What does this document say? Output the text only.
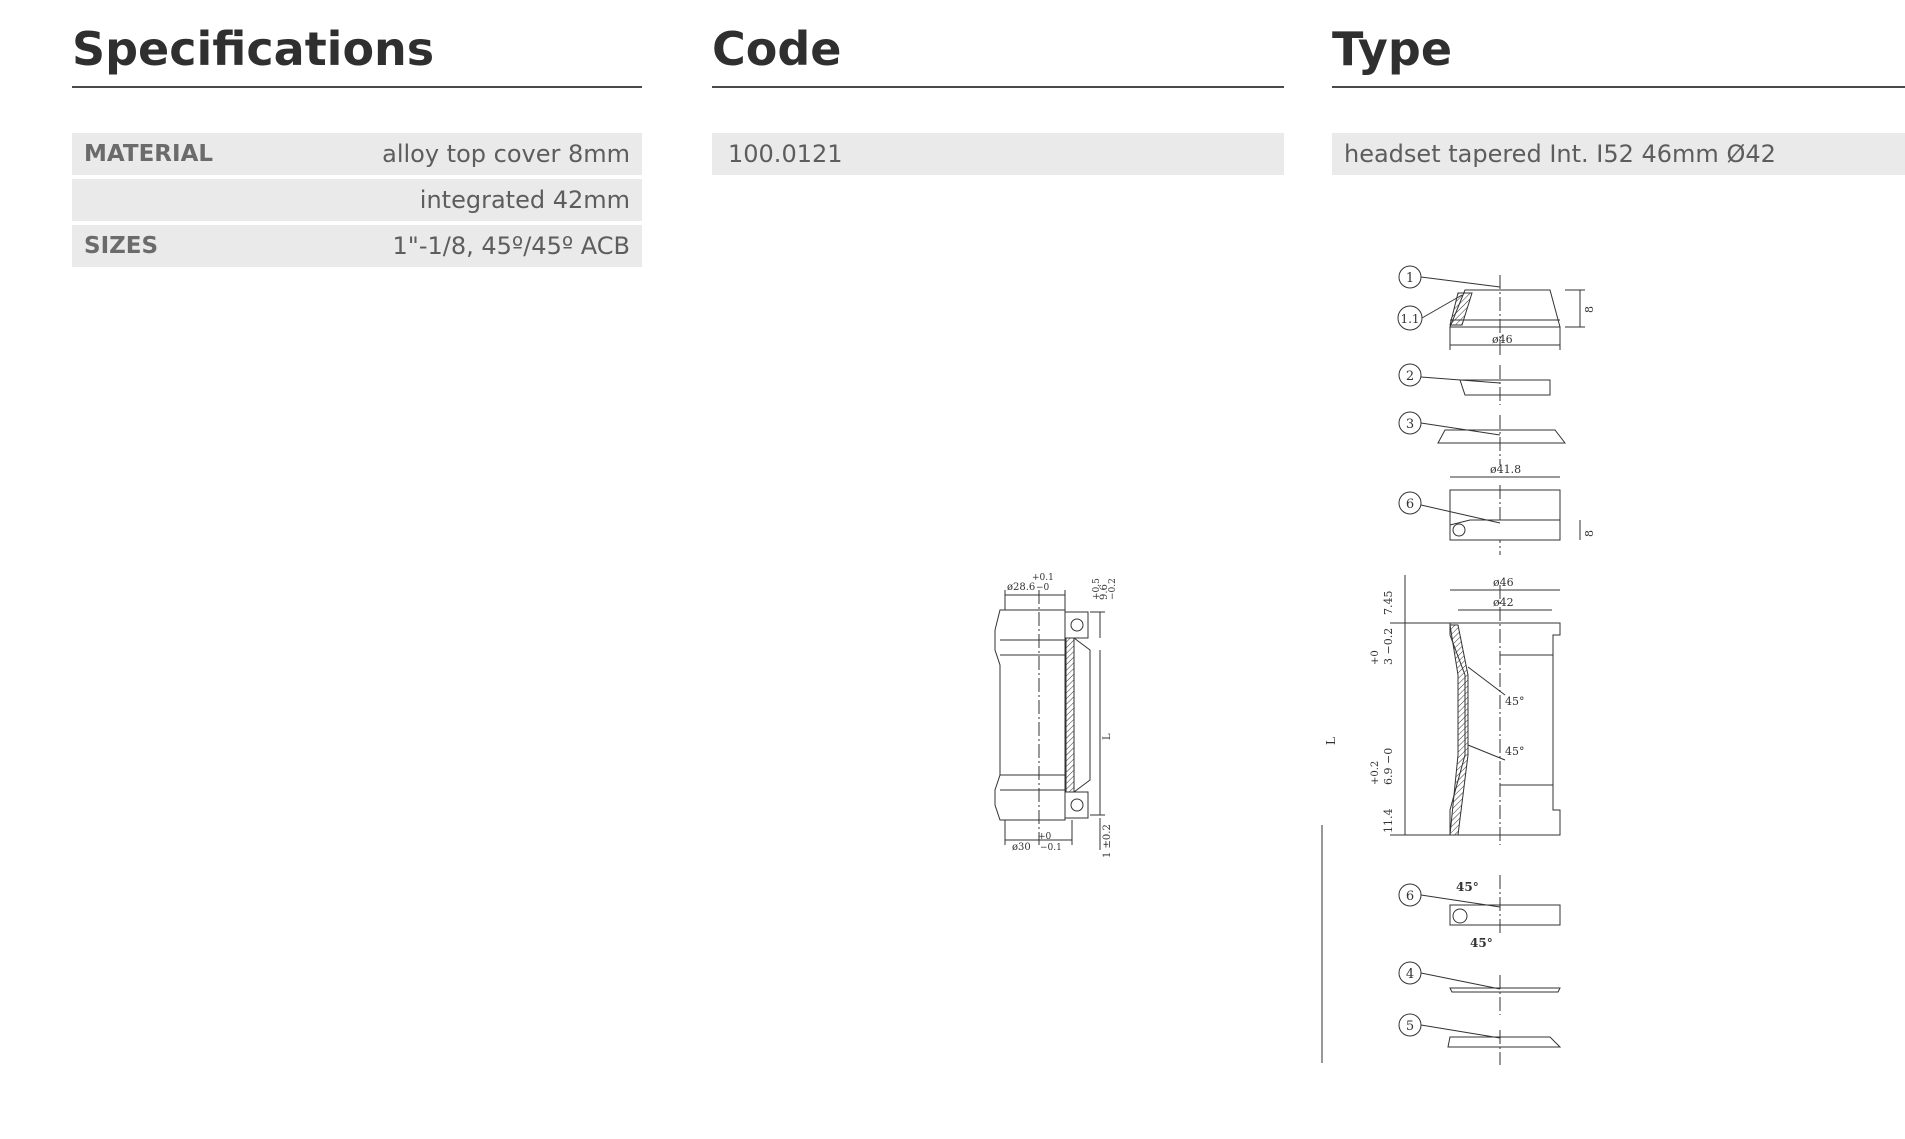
Specifications
MATERIAL	alloy top cover 8mm
integrated 42mm
SIZES	1"-1/8, 45º/45º ACB
Code
100.0121
Type
headset tapered Int. I52 46mm Ø42
ø28.6
+0.1
−0	9.6
+0.5 −0.2
L
ø30
+0
−0.1	1 ±0.2
8
ø46
1
1.1
2
3
ø41.8
8
6
ø46
ø42
7.45
3 −0.2
+0
L
6.9 −0
+0.2
11.4
45°
45°
45°
45°
6
4
5
